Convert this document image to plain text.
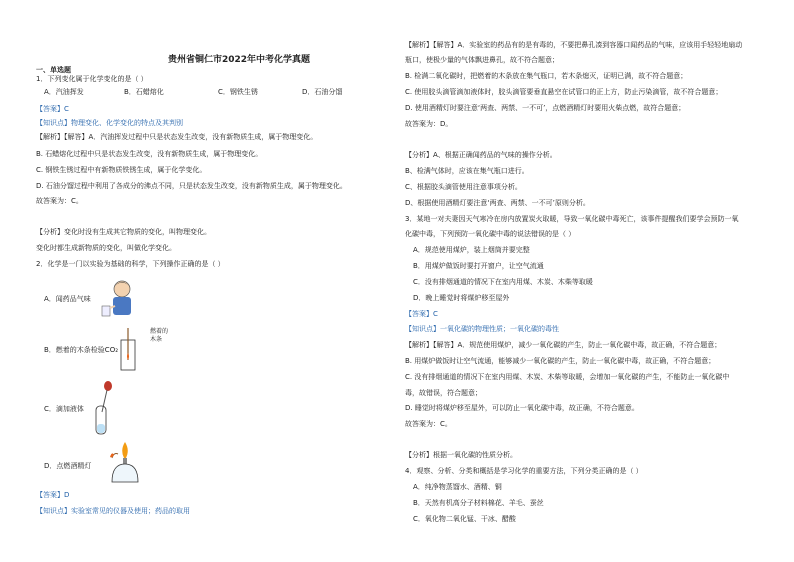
贵州省铜仁市2022年中考化学真题
一、单选题
1．下列变化属于化学变化的是（ ）
A．汽油挥发	B．石蜡熔化	C．钢铁生锈	D．石油分馏
【答案】C
【知识点】物理变化、化学变化的特点及其判别
【解析】【解答】A．汽油挥发过程中只是状态发生改变，没有新物质生成，属于物理变化。
B. 石蜡熔化过程中只是状态发生改变，没有新物质生成，属于物理变化。
C. 钢铁生锈过程中有新物质铁锈生成，属于化学变化。
D. 石油分馏过程中利用了各成分的沸点不同，只是状态发生改变，没有新物质生成，属于物理变化。
故答案为：C。
【分析】变化时没有生成其它物质的变化，叫物理变化。
变化时都生成新物质的变化，叫做化学变化。
2．化学是一门以实验为基础的科学，下列操作正确的是（ ）
A．闻药品气味
B．燃着的木条检验CO₂
燃着的
木条
C．滴加液体
D．点燃酒精灯
【答案】D
【知识点】实验室常见的仪器及使用；药品的取用
【解析】【解答】A．实验室的药品有的是有毒的，不要把鼻孔凑到容器口闻药品的气味，应该用手轻轻地扇动
瓶口，使极少量的气体飘进鼻孔，故不符合题意；
B. 检满二氧化碳时，把燃着的木条放在集气瓶口，若木条熄灭，证明已满，故不符合题意；
C. 使用胶头滴管滴加液体时，胶头滴管要垂直悬空在试管口的正上方，防止污染滴管，故不符合题意；
D. 使用酒精灯时要注意‘两查、两禁、一不可’，点燃酒精灯时要用火柴点燃，故符合题意；
故答案为：D。
【分析】A、根据正确闻药品的气味的操作分析。
B、检满气体时，应该在集气瓶口进行。
C、根据胶头滴管使用注意事项分析。
D、根据使用酒精灯要注意‘两查、两禁、一不可’原则分析。
3．某地一对夫妻因天气寒冷在房内放置炭火取暖，导致一氧化碳中毒死亡，该事件提醒我们要学会预防一氧
化碳中毒，下列预防一氧化碳中毒的说法错误的是（ ）
A．规范使用煤炉，装上烟筒并要完整
B．用煤炉做饭时要打开窗户，让空气流通
C．没有排烟通道的情况下在室内用煤、木炭、木柴等取暖
D．晚上睡觉时将煤炉移至屋外
【答案】C
【知识点】一氧化碳的物理性质；一氧化碳的毒性
【解析】【解答】A．规范使用煤炉，减少一氧化碳的产生，防止一氧化碳中毒，故正确，不符合题意；
B. 用煤炉做饭时让空气流通，能够减少一氧化碳的产生，防止一氧化碳中毒，故正确，不符合题意；
C. 没有排烟通道的情况下在室内用煤、木炭、木柴等取暖，会增加一氧化碳的产生，不能防止一氧化碳中
毒，故错误，符合题意；
D. 睡觉时将煤炉移至屋外，可以防止一氧化碳中毒，故正确，不符合题意。
故答案为：C。
【分析】根据一氧化碳的性质分析。
4．观察、分析、分类和概括是学习化学的重要方法，下列分类正确的是（ ）
A．纯净物蒸馏水、酒精、铜
B．天然有机高分子材料棉花、羊毛、蚕丝
C．氧化物二氧化锰、干冰、醋酸
